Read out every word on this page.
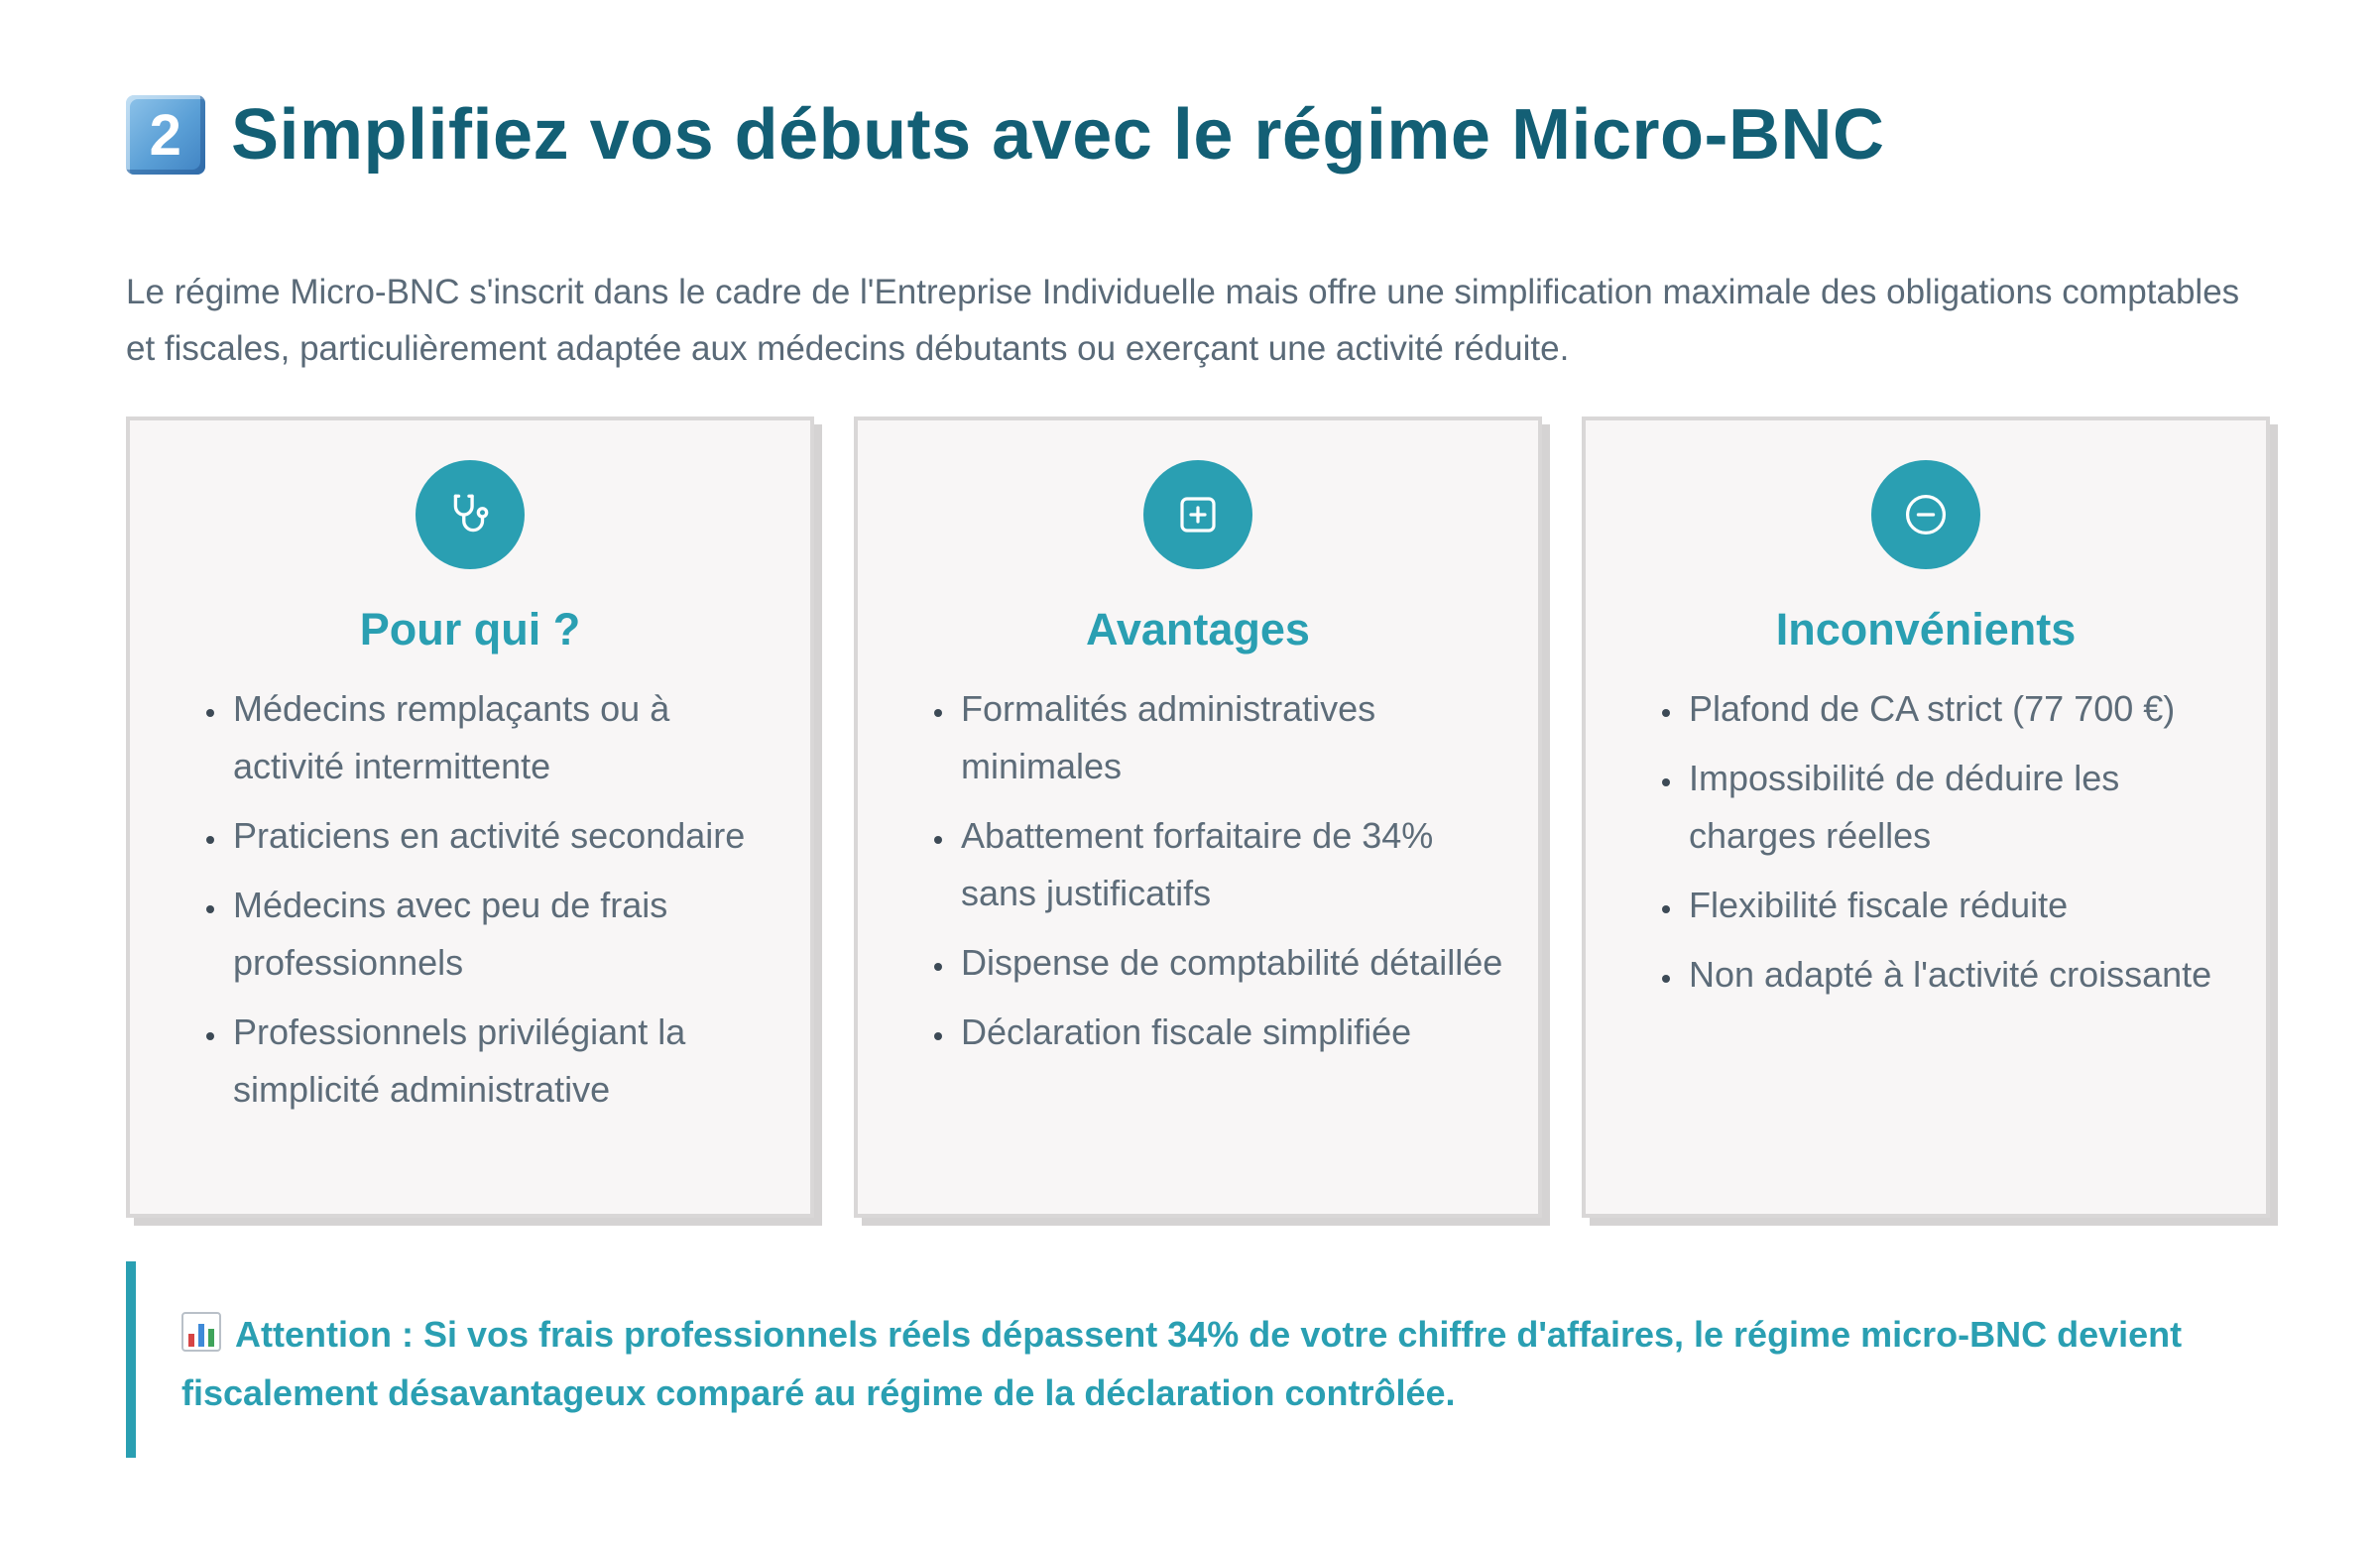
2 Simplifiez vos débuts avec le régime Micro-BNC

Le régime Micro-BNC s'inscrit dans le cadre de l'Entreprise Individuelle mais offre une simplification maximale des obligations comptables et fiscales, particulièrement adaptée aux médecins débutants ou exerçant une activité réduite.

Pour qui ?
• Médecins remplaçants ou à activité intermittente
• Praticiens en activité secondaire
• Médecins avec peu de frais professionnels
• Professionnels privilégiant la simplicité administrative
Avantages
• Formalités administratives minimales
• Abattement forfaitaire de 34% sans justificatifs
• Dispense de comptabilité détaillée
• Déclaration fiscale simplifiée
Inconvénients
• Plafond de CA strict (77 700 €)
• Impossibilité de déduire les charges réelles
• Flexibilité fiscale réduite
• Non adapté à l'activité croissante

Attention : Si vos frais professionnels réels dépassent 34% de votre chiffre d'affaires, le régime micro-BNC devient fiscalement désavantageux comparé au régime de la déclaration contrôlée.
